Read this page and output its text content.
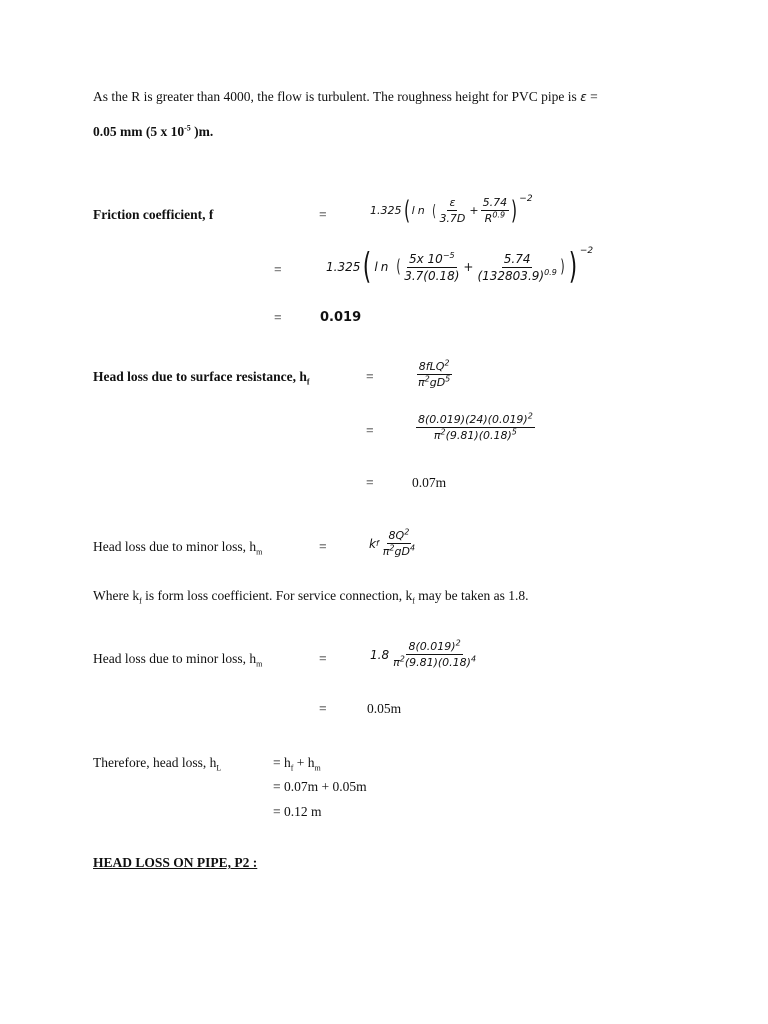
As the R is greater than 4000, the flow is turbulent. The roughness height for PVC pipe is ε =
0.05 mm (5 x $10^{-5}$ )m.
Friction coefficient, f	=	1.325 ( ln
( $\frac{\varepsilon}{3.7D} + \frac{5.74}{R^{0.9}}$ ) −2
=	1.325 ( ln
( $\frac{5x 10^{-5}}{3.7(0.18)} + \frac{5.74}{(132803.9)^{0.9}}$ ) ) −2
=	0.019
Head loss due to surface resistance, $h_f$	=	$\frac{8fLQ^2}{\pi^2gD^5}$
=	$\frac{8(0.019)(24)(0.019)^2}{\pi^2(9.81)(0.18)^5}$
=	0.07m
Head loss due to minor loss, $h_m$	=	k f $\frac{8Q^2}{\pi^2gD^4}$
Where $k_f$ is form loss coefficient. For service connection, $k_f$ may be taken as 1.8.
Head loss due to minor loss, $h_m$	=	$1.8 \frac{8(0.019)^2}{\pi^2(9.81)(0.18)^4}$
=	0.05m
Therefore, head loss, $h_L$	= $h_f + h_m$
= 0.07m + 0.05m
= 0.12 m
HEAD LOSS ON PIPE, P2 :
